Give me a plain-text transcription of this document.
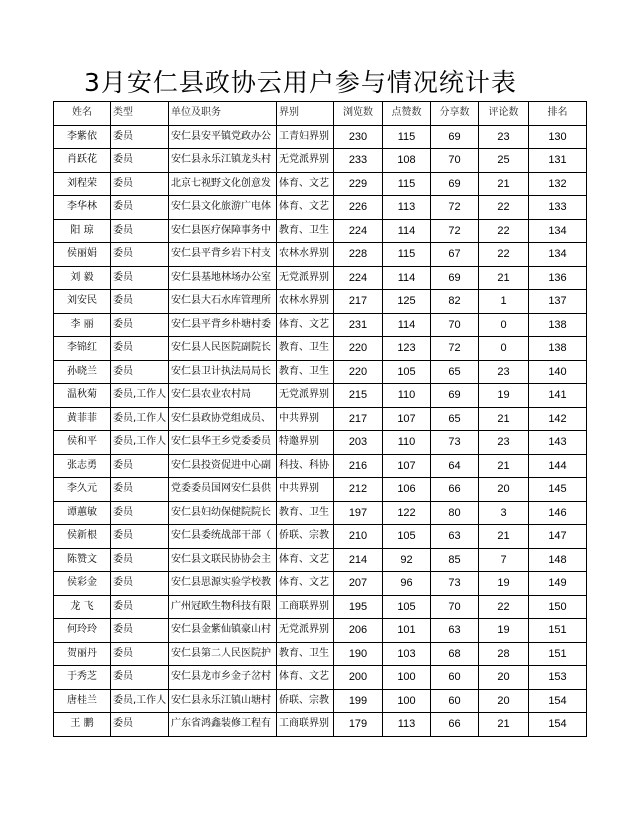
3月安仁县政协云用户参与情况统计表
姓名	类型	单位及职务	界别	浏览数	点赞数	分享数	评论数	排名
李紫依	委员	安仁县安平镇党政办公	工青妇界别	230	115	69	23	130
肖跃花	委员	安仁县永乐江镇龙头村	无党派界别	233	108	70	25	131
刘程荣	委员	北京七视野文化创意发	体育、文艺	229	115	69	21	132
李华林	委员	安仁县文化旅游广电体	体育、文艺	226	113	72	22	133
阳 琼	委员	安仁县医疗保障事务中	教育、卫生	224	114	72	22	134
侯丽娟	委员	安仁县平背乡岩下村支	农林水界别	228	115	67	22	134
刘 毅	委员	安仁县基地林场办公室	无党派界别	224	114	69	21	136
刘安民	委员	安仁县大石水库管理所	农林水界别	217	125	82	1	137
李 丽	委员	安仁县平背乡朴塘村委	体育、文艺	231	114	70	0	138
李锦红	委员	安仁县人民医院副院长	教育、卫生	220	123	72	0	138
孙晓兰	委员	安仁县卫计执法局局长	教育、卫生	220	105	65	23	140
温秋菊	委员,工作人	安仁县农业农村局	无党派界别	215	110	69	19	141
黄菲菲	委员,工作人	安仁县政协党组成员、	中共界别	217	107	65	21	142
侯和平	委员,工作人	安仁县华王乡党委委员	特邀界别	203	110	73	23	143
张志勇	委员	安仁县投资促进中心副	科技、科协	216	107	64	21	144
李久元	委员	党委委员国网安仁县供	中共界别	212	106	66	20	145
谭蕙敏	委员	安仁县妇幼保健院院长	教育、卫生	197	122	80	3	146
侯新根	委员	安仁县委统战部干部（	侨联、宗教	210	105	63	21	147
陈赞文	委员	安仁县文联民协协会主	体育、文艺	214	92	85	7	148
侯彩金	委员	安仁县思源实验学校教	体育、文艺	207	96	73	19	149
龙 飞	委员	广州冠欧生物科技有限	工商联界别	195	105	70	22	150
何玲玲	委员	安仁县金紫仙镇豪山村	无党派界别	206	101	63	19	151
贺丽丹	委员	安仁县第二人民医院护	教育、卫生	190	103	68	28	151
于秀芝	委员	安仁县龙市乡金子岔村	体育、文艺	200	100	60	20	153
唐桂兰	委员,工作人	安仁县永乐江镇山塘村	侨联、宗教	199	100	60	20	154
王 鹏	委员	广东省鸿鑫装修工程有	工商联界别	179	113	66	21	154
